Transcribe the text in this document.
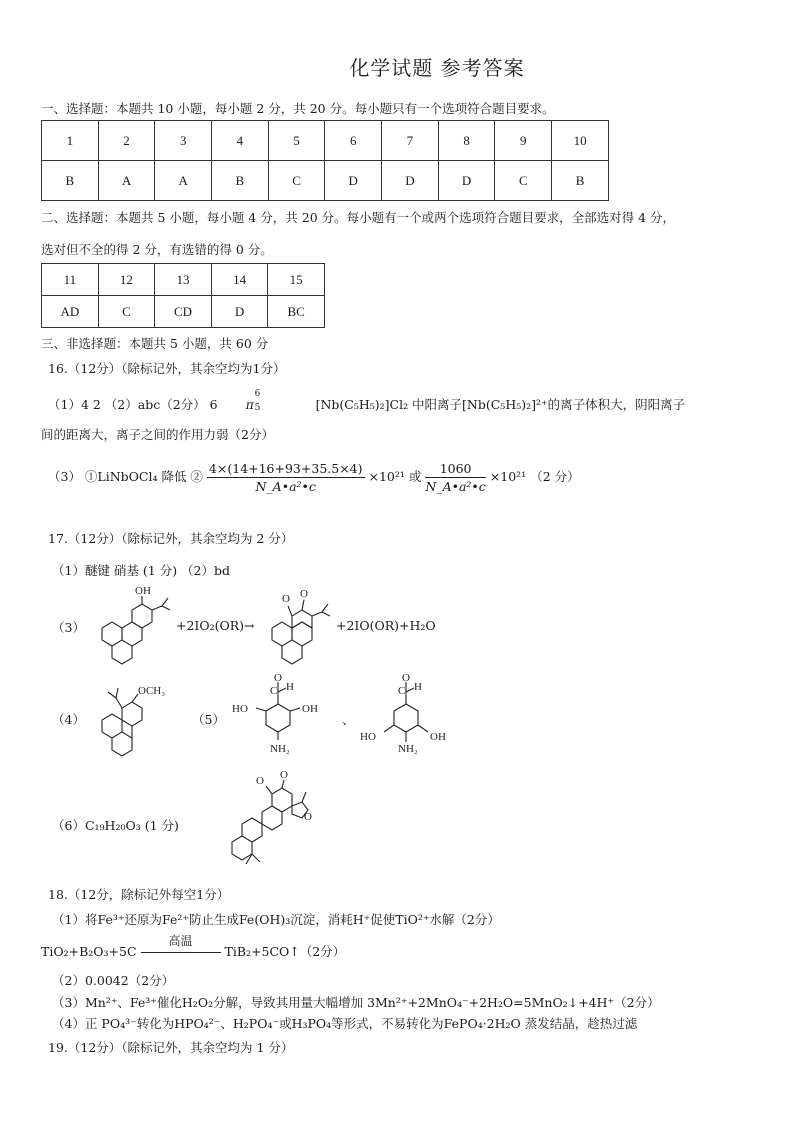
化学试题 参考答案
一、选择题：本题共 10 小题，每小题 2 分，共 20 分。每小题只有一个选项符合题目要求。
1	2	3	4	5	6	7	8	9	10
B	A	A	B	C	D	D	D	C	B
二、选择题：本题共 5 小题，每小题 4 分，共 20 分。每小题有一个或两个选项符合题目要求，全部选对得 4 分，
选对但不全的得 2 分，有选错的得 0 分。
11	12	13	14	15
AD	C	CD	D	BC
三、非选择题：本题共 5 小题，共 60 分
16.（12分）（除标记外，其余空均为1分）
（1）4 2 （2）abc（2分） 6 π
6
5	[Nb(C₅H₅)₂]Cl₂ 中阳离子[Nb(C₅H₅)₂]²⁺的离子体积大，阴阳离子
间的距离大，离子之间的作用力弱（2分）
（3） ①LiNbOCl₄ 降低 ② $\frac{4\times(14+16+93+35.5\times 4)}{\text{N\_A•a²•c}} \times 10^{21}$ 或 $\frac{1060}{\text{N\_A•a²•c}} \times 10^{21}$ （2 分）
17.（12分）（除标记外，其余空均为 2 分）
（1）醚键 硝基 (1 分) （2）bd
（3）
OH
+2IO₂(OR)→
O O
+2IO(OR)+H₂O
（4）
OCH₃
（5）
O
C H
HO	OH
NH₂
、
O
C H
HO	OH
NH₂
（6）C₁₉H₂₀O₃ (1 分)
O O
O
18.（12分，除标记外每空1分）
（1）将Fe³⁺还原为Fe²⁺防止生成Fe(OH)₃沉淀，消耗H⁺促使TiO²⁺水解（2分）
TiO₂+B₂O₃+5C
高温
TiB₂+5CO↑（2分）
（2）0.0042（2分）
（3）Mn²⁺、Fe³⁺催化H₂O₂分解，导致其用量大幅增加 3Mn²⁺+2MnO₄⁻+2H₂O=5MnO₂↓+4H⁺（2分）
（4）正 PO₄³⁻转化为HPO₄²⁻、H₂PO₄⁻或H₃PO₄等形式，不易转化为FePO₄·2H₂O 蒸发结晶，趁热过滤
19.（12分）（除标记外，其余空均为 1 分）
